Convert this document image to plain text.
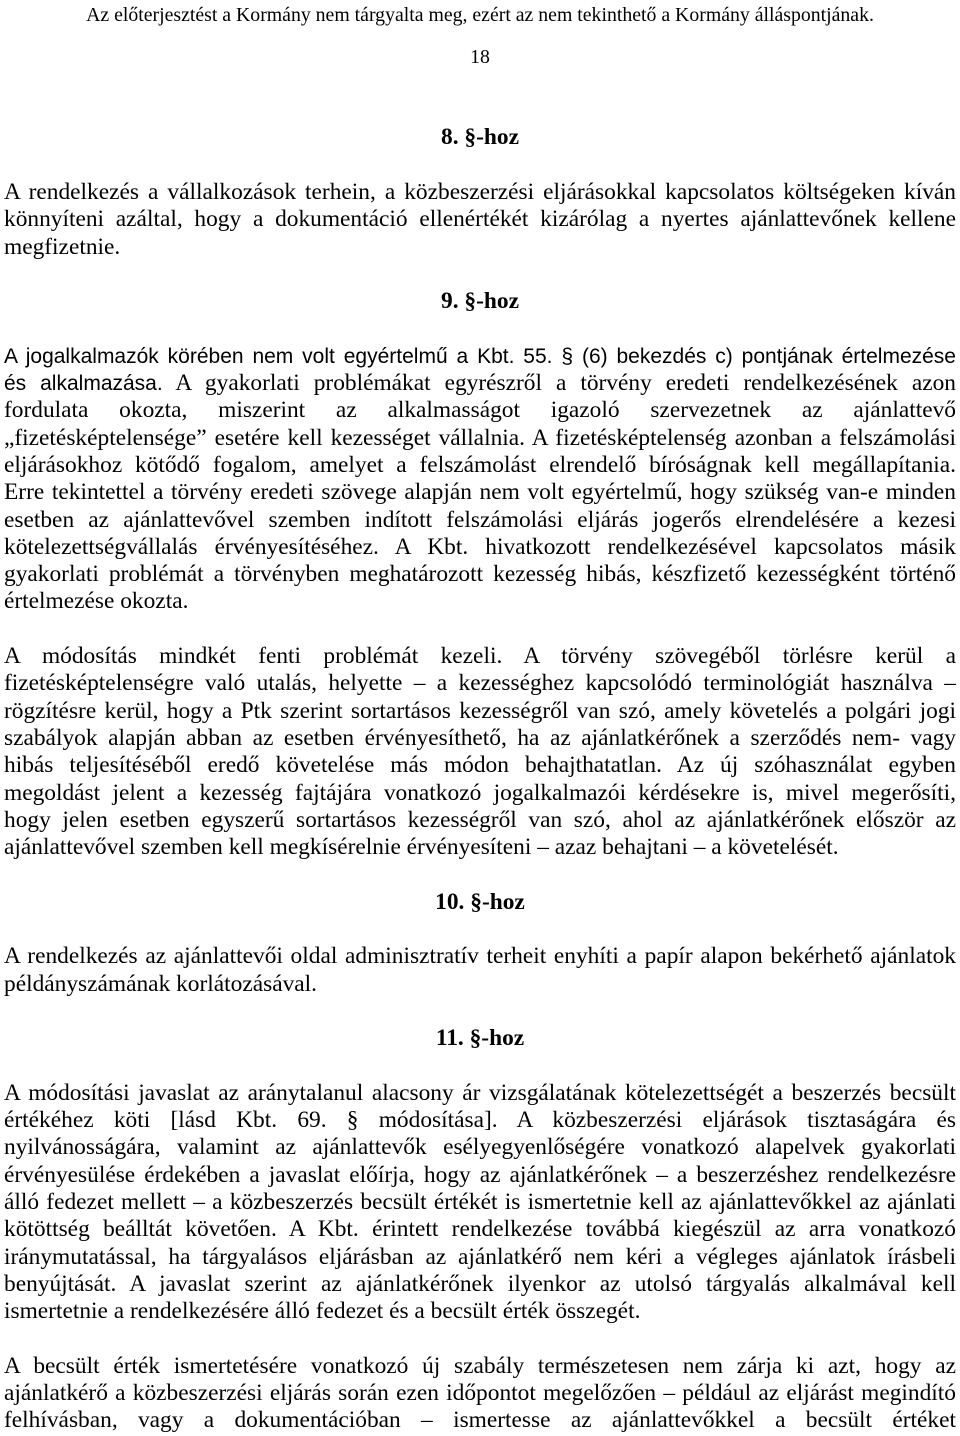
Az előterjesztést a Kormány nem tárgyalta meg, ezért az nem tekinthető a Kormány álláspontjának.
18
8. §-hoz
A rendelkezés a vállalkozások terhein, a közbeszerzési eljárásokkal kapcsolatos költségeken kíván
könnyíteni azáltal, hogy a dokumentáció ellenértékét kizárólag a nyertes ajánlattevőnek kellene
megfizetnie.
9. §-hoz
A jogalkalmazók körében nem volt egyértelmű a Kbt. 55. § (6) bekezdés c) pontjának értelmezése
és alkalmazása. A gyakorlati problémákat egyrészről a törvény eredeti rendelkezésének azon
fordulata okozta, miszerint az alkalmasságot igazoló szervezetnek az ajánlattevő
„fizetésképtelensége” esetére kell kezességet vállalnia. A fizetésképtelenség azonban a felszámolási
eljárásokhoz kötődő fogalom, amelyet a felszámolást elrendelő bíróságnak kell megállapítania.
Erre tekintettel a törvény eredeti szövege alapján nem volt egyértelmű, hogy szükség van-e minden
esetben az ajánlattevővel szemben indított felszámolási eljárás jogerős elrendelésére a kezesi
kötelezettségvállalás érvényesítéséhez. A Kbt. hivatkozott rendelkezésével kapcsolatos másik
gyakorlati problémát a törvényben meghatározott kezesség hibás, készfizető kezességként történő
értelmezése okozta.
A módosítás mindkét fenti problémát kezeli. A törvény szövegéből törlésre kerül a
fizetésképtelenségre való utalás, helyette – a kezességhez kapcsolódó terminológiát használva –
rögzítésre kerül, hogy a Ptk szerint sortartásos kezességről van szó, amely követelés a polgári jogi
szabályok alapján abban az esetben érvényesíthető, ha az ajánlatkérőnek a szerződés nem- vagy
hibás teljesítéséből eredő követelése más módon behajthatatlan. Az új szóhasználat egyben
megoldást jelent a kezesség fajtájára vonatkozó jogalkalmazói kérdésekre is, mivel megerősíti,
hogy jelen esetben egyszerű sortartásos kezességről van szó, ahol az ajánlatkérőnek először az
ajánlattevővel szemben kell megkísérelnie érvényesíteni – azaz behajtani – a követelését.
10. §-hoz
A rendelkezés az ajánlattevői oldal adminisztratív terheit enyhíti a papír alapon bekérhető ajánlatok
példányszámának korlátozásával.
11. §-hoz
A módosítási javaslat az aránytalanul alacsony ár vizsgálatának kötelezettségét a beszerzés becsült
értékéhez köti [lásd Kbt. 69. § módosítása]. A közbeszerzési eljárások tisztaságára és
nyilvánosságára, valamint az ajánlattevők esélyegyenlőségére vonatkozó alapelvek gyakorlati
érvényesülése érdekében a javaslat előírja, hogy az ajánlatkérőnek – a beszerzéshez rendelkezésre
álló fedezet mellett – a közbeszerzés becsült értékét is ismertetnie kell az ajánlattevőkkel az ajánlati
kötöttség beálltát követően. A Kbt. érintett rendelkezése továbbá kiegészül az arra vonatkozó
iránymutatással, ha tárgyalásos eljárásban az ajánlatkérő nem kéri a végleges ajánlatok írásbeli
benyújtását. A javaslat szerint az ajánlatkérőnek ilyenkor az utolsó tárgyalás alkalmával kell
ismertetnie a rendelkezésére álló fedezet és a becsült érték összegét.
A becsült érték ismertetésére vonatkozó új szabály természetesen nem zárja ki azt, hogy az
ajánlatkérő a közbeszerzési eljárás során ezen időpontot megelőzően – például az eljárást megindító
felhívásban, vagy a dokumentációban – ismertesse az ajánlattevőkkel a becsült értéket
